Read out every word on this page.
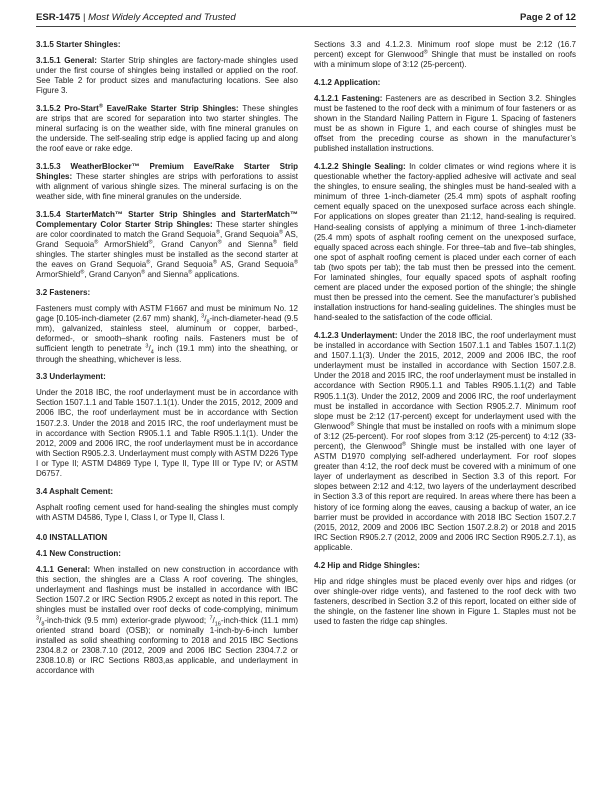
ESR-1475 | Most Widely Accepted and Trusted	Page 2 of 12
3.1.5 Starter Shingles:

3.1.5.1 General: Starter Strip shingles are factory-made shingles used under the first course of shingles being installed or applied on the roof. See Table 2 for product sizes and manufacturing locations. See also Figure 3.

3.1.5.2 Pro-Start® Eave/Rake Starter Strip Shingles: These shingles are strips that are scored for separation into two starter shingles. The mineral surfacing is on the weather side, with fine mineral granules on the underside. The self-sealing strip edge is applied facing up and along the roof eave or rake edge.

3.1.5.3 WeatherBlocker™ Premium Eave/Rake Starter Strip Shingles: These starter shingles are strips with perforations to assist with alignment of various shingle sizes. The mineral surfacing is on the weather side, with fine mineral granules on the underside.

3.1.5.4 StarterMatch™ Starter Strip Shingles and StarterMatch™ Complementary Color Starter Strip Shingles: These starter shingles are color coordinated to match the Grand Sequoia®, Grand Sequoia® AS, Grand Sequoia® ArmorShield®, Grand Canyon® and Sienna® field shingles. The starter shingles must be installed as the second starter at the eaves on Grand Sequoia®, Grand Sequoia® AS, Grand Sequoia® ArmorShield®, Grand Canyon® and Sienna® applications.

3.2 Fasteners:

Fasteners must comply with ASTM F1667 and must be minimum No. 12 gage [0.105-inch-diameter (2.67 mm) shank], $^3/_8-inch-diameter$-head (9.5 mm), galvanized, stainless steel, aluminum or copper, barbed-, deformed-, or smooth–shank roofing nails. Fasteners must be of sufficient length to penetrate $^3/_4$ inch (19.1 mm) into the sheathing, or through the sheathing, whichever is less.

3.3 Underlayment:

Under the 2018 IBC, the roof underlayment must be in accordance with Section 1507.1.1 and Table 1507.1.1(1). Under the 2015, 2012, 2009 and 2006 IBC, the roof underlayment must be in accordance with Section 1507.2.3. Under the 2018 and 2015 IRC, the roof underlayment must be in accordance with Section R905.1.1 and Table R905.1.1(1). Under the 2012, 2009 and 2006 IRC, the roof underlayment must be in accordance with Section R905.2.3. Underlayment must comply with ASTM D226 Type I or Type II; ASTM D4869 Type I, Type II, Type III or Type IV; or ASTM D6757.

3.4 Asphalt Cement:

Asphalt roofing cement used for hand-sealing the shingles must comply with ASTM D4586, Type I, Class I, or Type II, Class I.

4.0 INSTALLATION
4.1 New Construction:

4.1.1 General: When installed on new construction in accordance with this section, the shingles are a Class A roof covering. The shingles, underlayment and flashings must be installed in accordance with IBC Section 1507.2 or IRC Section R905.2 except as noted in this report. The shingles must be installed over roof decks of code-complying, minimum $^3/_8-inch$-thick (9.5 mm) exterior-grade plywood; $^7/_{16}-inch$-thick (11.1 mm) oriented strand board (OSB); or nominally 1-inch-by-6-inch lumber installed as solid sheathing conforming to 2018 and 2015 IBC Sections 2304.8.2 or 2308.7.10 (2012, 2009 and 2006 IBC Section 2304.7.2 or 2308.10.8) or IRC Sections R803,as applicable, and underlayment in accordance with

Sections 3.3 and 4.1.2.3. Minimum roof slope must be 2:12 (16.7 percent) except for Glenwood® Shingle that must be installed on roofs with a minimum slope of 3:12 (25-percent).

4.1.2 Application:

4.1.2.1 Fastening: Fasteners are as described in Section 3.2. Shingles must be fastened to the roof deck with a minimum of four fasteners or as shown in the Standard Nailing Pattern in Figure 1. Spacing of fasteners must be as shown in Figure 1, and each course of shingles must be offset from the preceding course as shown in the manufacturer’s published installation instructions.

4.1.2.2 Shingle Sealing: In colder climates or wind regions where it is questionable whether the factory-applied adhesive will activate and seal the shingles, to ensure sealing, the shingles must be hand-sealed with a minimum of three 1-inch-diameter (25.4 mm) spots of asphalt roofing cement equally spaced on the unexposed surface across each shingle. For applications on slopes greater than 21:12, hand-sealing is required. Hand-sealing consists of applying a minimum of three 1-inch-diameter (25.4 mm) spots of asphalt roofing cement on the unexposed surface, equally spaced across each shingle. For three–tab and five–tab shingles, one spot of asphalt roofing cement is placed under each corner of each tab (two spots per tab); the tab must then be pressed into the cement. For laminated shingles, four equally spaced spots of asphalt roofing cement are placed under the exposed portion of the shingle; the shingle must then be pressed into the cement. See the manufacturer’s published installation instructions for hand-sealing guidelines. The shingles must be hand-sealed to the satisfaction of the code official.

4.1.2.3 Underlayment: Under the 2018 IBC, the roof underlayment must be installed in accordance with Section 1507.1.1 and Tables 1507.1.1(2) and 1507.1.1(3). Under the 2015, 2012, 2009 and 2006 IBC, the roof underlayment must be installed in accordance with Section 1507.2.8. Under the 2018 and 2015 IRC, the roof underlayment must be installed in accordance with Section R905.1.1 and Tables R905.1.1(2) and Table R905.1.1(3). Under the 2012, 2009 and 2006 IRC, the roof underlayment must be installed in accordance with Section R905.2.7. Minimum roof slope must be 2:12 (17-percent) except for underlayment used with the Glenwood® Shingle that must be installed on roofs with a minimum slope of 3:12 (25-percent). For roof slopes from 3:12 (25-percent) to 4:12 (33-percent), the Glenwood® Shingle must be installed with one layer of ASTM D1970 complying self-adhered underlayment. For roof slopes greater than 4:12, the roof deck must be covered with a minimum of one layer of underlayment as described in Section 3.3 of this report. For slopes between 2:12 and 4:12, two layers of the underlayment described in Section 3.3 of this report are required. In areas where there has been a history of ice forming along the eaves, causing a backup of water, an ice barrier must be provided in accordance with 2018 IBC Section 1507.2.7 (2015, 2012, 2009 and 2006 IBC Section 1507.2.8.2) or 2018 and 2015 IRC Section R905.2.7 (2012, 2009 and 2006 IRC Section R905.2.7.1), as applicable.

4.2 Hip and Ridge Shingles:

Hip and ridge shingles must be placed evenly over hips and ridges (or over shingle-over ridge vents), and fastened to the roof deck with two fasteners, described in Section 3.2 of this report, located on either side of the shingle, on the fastener line shown in Figure 1. Staples must not be used to fasten the ridge cap shingles.
